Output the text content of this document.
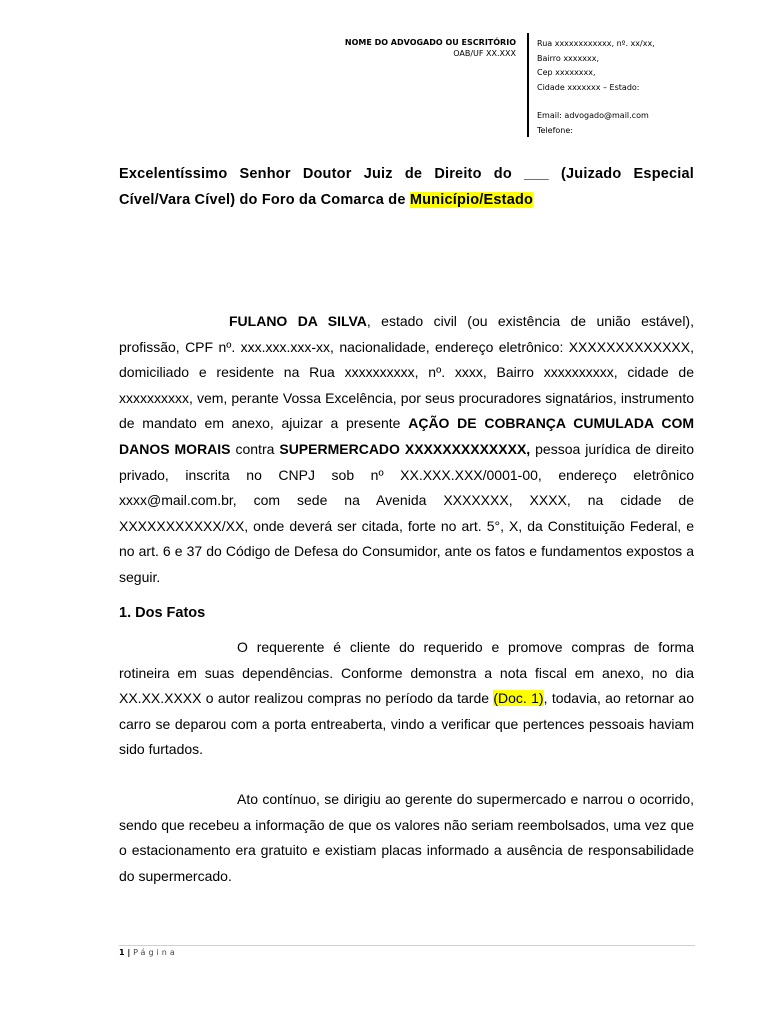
NOME DO ADVOGADO OU ESCRITÓRIO
OAB/UF XX.XXX
Rua xxxxxxxxxxxx, nº. xx/xx,
Bairro xxxxxxx,
Cep xxxxxxxx,
Cidade xxxxxxx – Estado:
Email: advogado@mail.com
Telefone:
Excelentíssimo Senhor Doutor Juiz de Direito do ___ (Juizado Especial Cível/Vara Cível) do Foro da Comarca de Município/Estado
FULANO DA SILVA, estado civil (ou existência de união estável), profissão, CPF nº. xxx.xxx.xxx-xx, nacionalidade, endereço eletrônico: XXXXXXXXXXXXX, domiciliado e residente na Rua xxxxxxxxxx, nº. xxxx, Bairro xxxxxxxxxx, cidade de xxxxxxxxxx, vem, perante Vossa Excelência, por seus procuradores signatários, instrumento de mandato em anexo, ajuizar a presente AÇÃO DE COBRANÇA CUMULADA COM DANOS MORAIS contra SUPERMERCADO XXXXXXXXXXXXX, pessoa jurídica de direito privado, inscrita no CNPJ sob nº XX.XXX.XXX/0001-00, endereço eletrônico xxxx@mail.com.br, com sede na Avenida XXXXXXX, XXXX, na cidade de XXXXXXXXXXX/XX, onde deverá ser citada, forte no art. 5°, X, da Constituição Federal, e no art. 6 e 37 do Código de Defesa do Consumidor, ante os fatos e fundamentos expostos a seguir.
1. Dos Fatos
O requerente é cliente do requerido e promove compras de forma rotineira em suas dependências. Conforme demonstra a nota fiscal em anexo, no dia XX.XX.XXXX o autor realizou compras no período da tarde (Doc. 1), todavia, ao retornar ao carro se deparou com a porta entreaberta, vindo a verificar que pertences pessoais haviam sido furtados.
Ato contínuo, se dirigiu ao gerente do supermercado e narrou o ocorrido, sendo que recebeu a informação de que os valores não seriam reembolsados, uma vez que o estacionamento era gratuito e existiam placas informado a ausência de responsabilidade do supermercado.
1 | Página
